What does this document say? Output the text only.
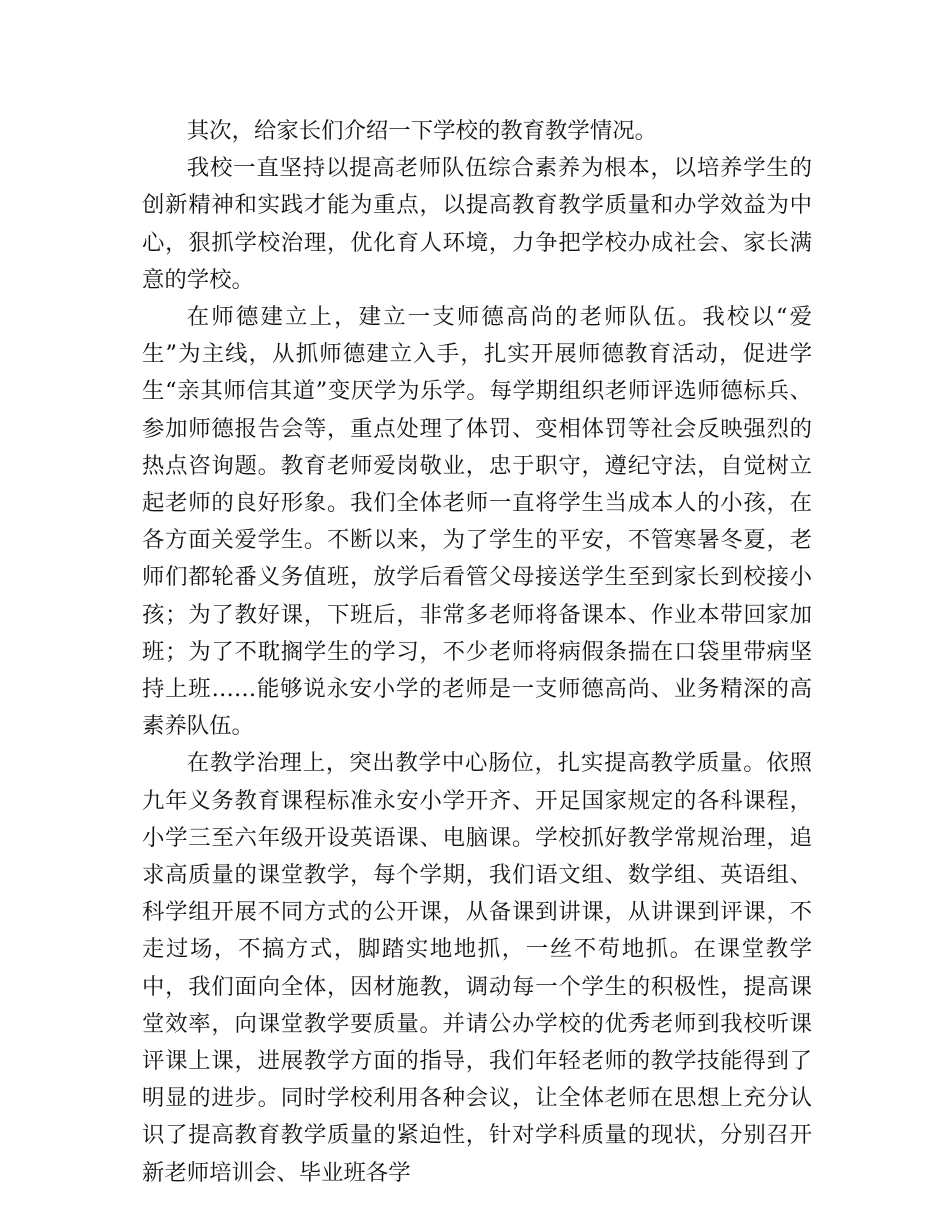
其次，给家长们介绍一下学校的教育教学情况。

我校一直坚持以提高老师队伍综合素养为根本，以培养学生的创新精神和实践才能为重点，以提高教育教学质量和办学效益为中心，狠抓学校治理，优化育人环境，力争把学校办成社会、家长满意的学校。

在师德建立上，建立一支师德高尚的老师队伍。我校以“爱生”为主线，从抓师德建立入手，扎实开展师德教育活动，促进学生“亲其师信其道”变厌学为乐学。每学期组织老师评选师德标兵、参加师德报告会等，重点处理了体罚、变相体罚等社会反映强烈的热点咨询题。教育老师爱岗敬业，忠于职守，遵纪守法，自觉树立起老师的良好形象。我们全体老师一直将学生当成本人的小孩，在各方面关爱学生。不断以来，为了学生的平安，不管寒暑冬夏，老师们都轮番义务值班，放学后看管父母接送学生至到家长到校接小孩；为了教好课，下班后，非常多老师将备课本、作业本带回家加班；为了不耽搁学生的学习，不少老师将病假条揣在口袋里带病坚持上班……能够说永安小学的老师是一支师德高尚、业务精深的高素养队伍。

在教学治理上，突出教学中心肠位，扎实提高教学质量。依照九年义务教育课程标准永安小学开齐、开足国家规定的各科课程，小学三至六年级开设英语课、电脑课。学校抓好教学常规治理，追求高质量的课堂教学，每个学期，我们语文组、数学组、英语组、科学组开展不同方式的公开课，从备课到讲课，从讲课到评课，不走过场，不搞方式，脚踏实地地抓，一丝不苟地抓。在课堂教学中，我们面向全体，因材施教，调动每一个学生的积极性，提高课堂效率，向课堂教学要质量。并请公办学校的优秀老师到我校听课评课上课，进展教学方面的指导，我们年轻老师的教学技能得到了明显的进步。同时学校利用各种会议，让全体老师在思想上充分认识了提高教育教学质量的紧迫性，针对学科质量的现状，分别召开新老师培训会、毕业班各学
